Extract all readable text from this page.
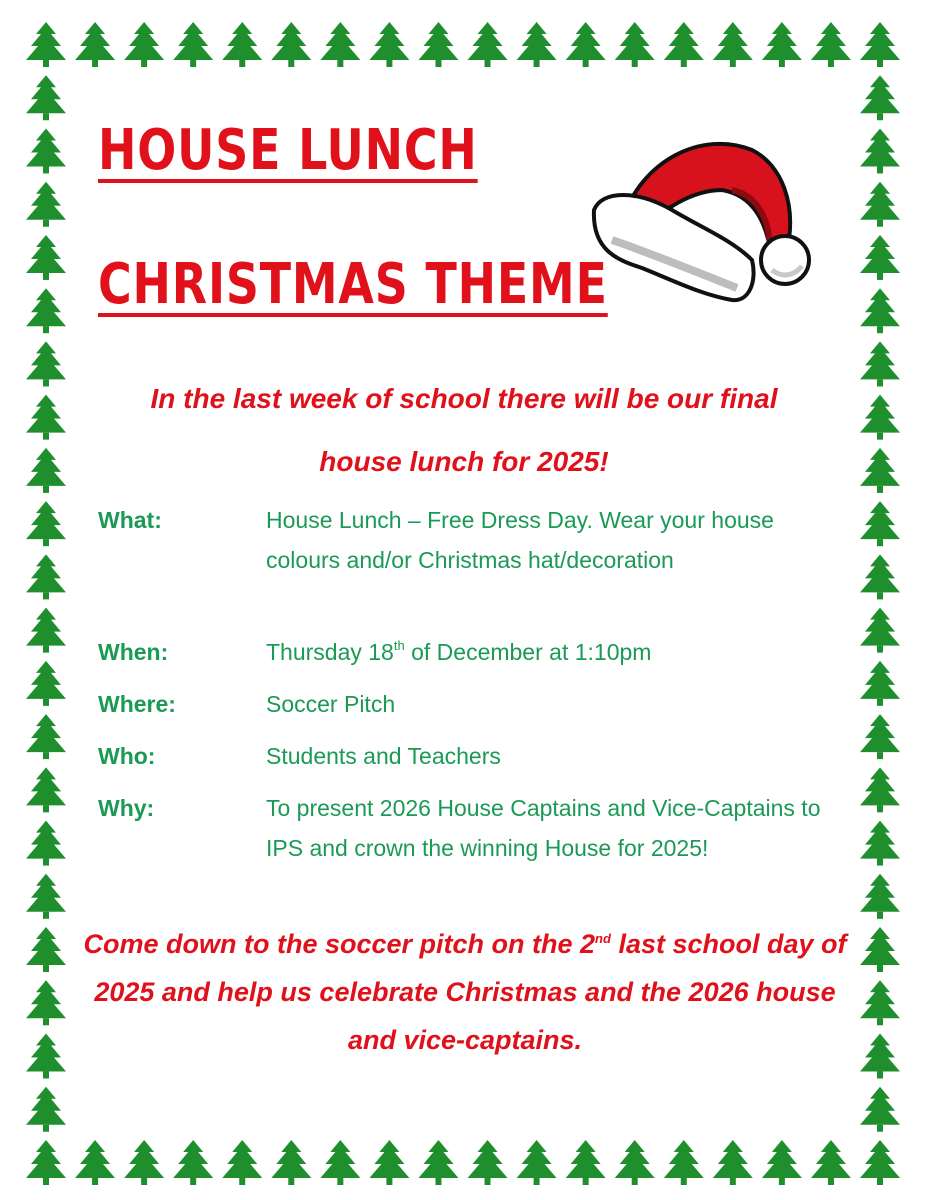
HOUSE LUNCH
CHRISTMAS THEME
In the last week of school there will be our final
house lunch for 2025!
What:	House Lunch – Free Dress Day. Wear your house colours and/or Christmas hat/decoration
When:	Thursday 18th of December at 1:10pm
Where:	Soccer Pitch
Who:	Students and Teachers
Why:	To present 2026 House Captains and Vice-Captains to IPS and crown the winning House for 2025!
Come down to the soccer pitch on the 2nd last school day of 2025 and help us celebrate Christmas and the 2026 house and vice-captains.
